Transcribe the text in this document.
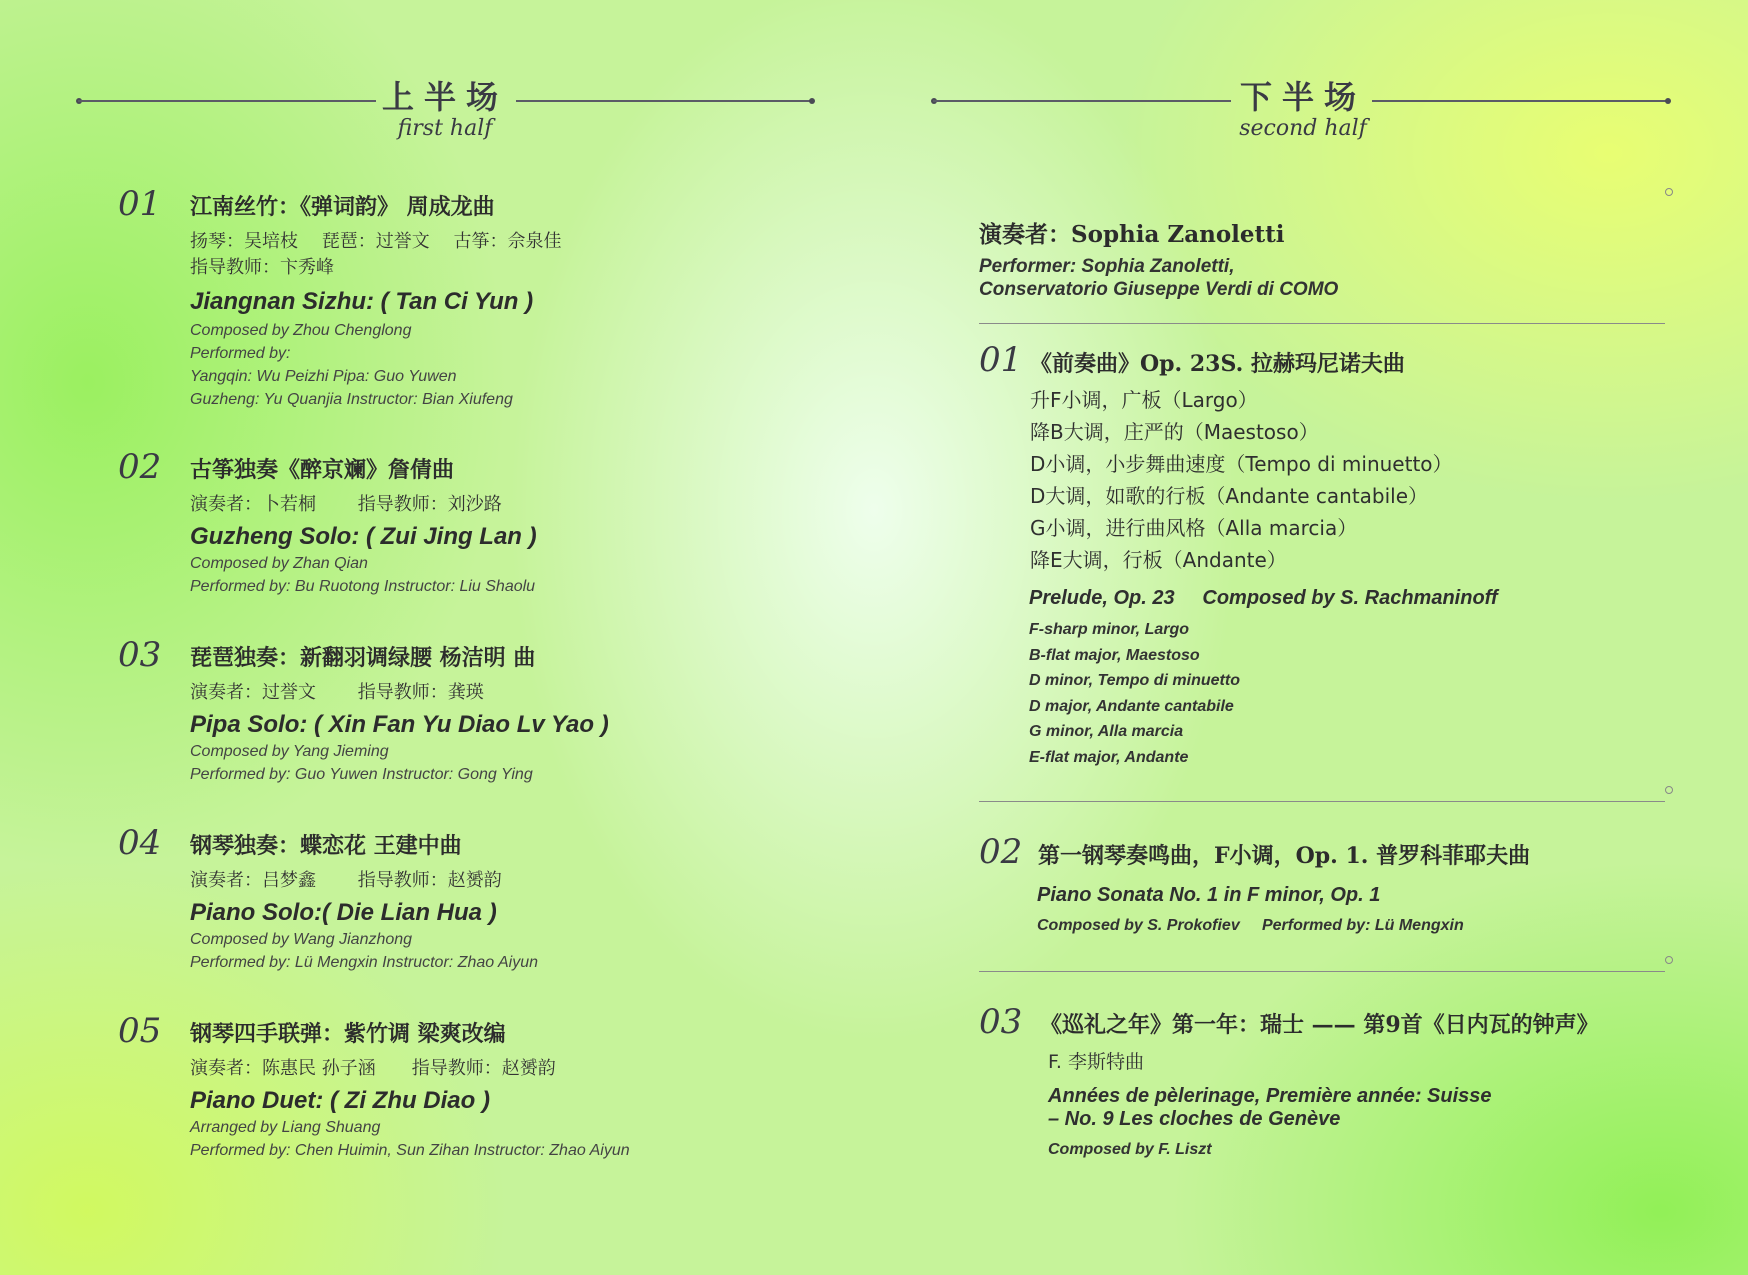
上半场
first half
01 江南丝竹：《弹词韵》 周成龙曲
扬琴：吴培枝　 琵琶：过誉文　 古筝：佘泉佳
指导教师：卞秀峰
Jiangnan Sizhu: ( Tan Ci Yun )
Composed by Zhou Chenglong
Performed by:
Yangqin: Wu Peizhi Pipa: Guo Yuwen
Guzheng: Yu Quanjia Instructor: Bian Xiufeng
02 古筝独奏《醉京斓》詹倩曲
演奏者：卜若桐　　 指导教师：刘沙路
Guzheng Solo: ( Zui Jing Lan )
Composed by Zhan Qian
Performed by: Bu Ruotong Instructor: Liu Shaolu
03 琵琶独奏：新翻羽调绿腰 杨洁明 曲
演奏者：过誉文　　 指导教师：龚瑛
Pipa Solo: ( Xin Fan Yu Diao Lv Yao )
Composed by Yang Jieming
Performed by: Guo Yuwen Instructor: Gong Ying
04 钢琴独奏：蝶恋花 王建中曲
演奏者：吕梦鑫　　 指导教师：赵赟韵
Piano Solo:( Die Lian Hua )
Composed by Wang Jianzhong
Performed by: Lü Mengxin Instructor: Zhao Aiyun
05 钢琴四手联弹：紫竹调 梁爽改编
演奏者：陈惠民 孙子涵　　指导教师：赵赟韵
Piano Duet: ( Zi Zhu Diao )
Arranged by Liang Shuang
Performed by: Chen Huimin, Sun Zihan Instructor: Zhao Aiyun
下半场
second half
演奏者：Sophia Zanoletti
Performer: Sophia Zanoletti,
Conservatorio Giuseppe Verdi di COMO
01 《前奏曲》Op. 23S. 拉赫玛尼诺夫曲
升F小调，广板（Largo）
降B大调，庄严的（Maestoso）
D小调，小步舞曲速度（Tempo di minuetto）
D大调，如歌的行板（Andante cantabile）
G小调，进行曲风格（Alla marcia）
降E大调，行板（Andante）
Prelude, Op. 23     Composed by S. Rachmaninoff
F-sharp minor, Largo
B-flat major, Maestoso
D minor, Tempo di minuetto
D major, Andante cantabile
G minor, Alla marcia
E-flat major, Andante
02 第一钢琴奏鸣曲，F小调，Op. 1. 普罗科菲耶夫曲
Piano Sonata No. 1 in F minor, Op. 1
Composed by S. Prokofiev     Performed by: Lü Mengxin
03 《巡礼之年》第一年：瑞士 —— 第9首《日内瓦的钟声》
F. 李斯特曲
Années de pèlerinage, Première année: Suisse
– No. 9 Les cloches de Genève
Composed by F. Liszt
